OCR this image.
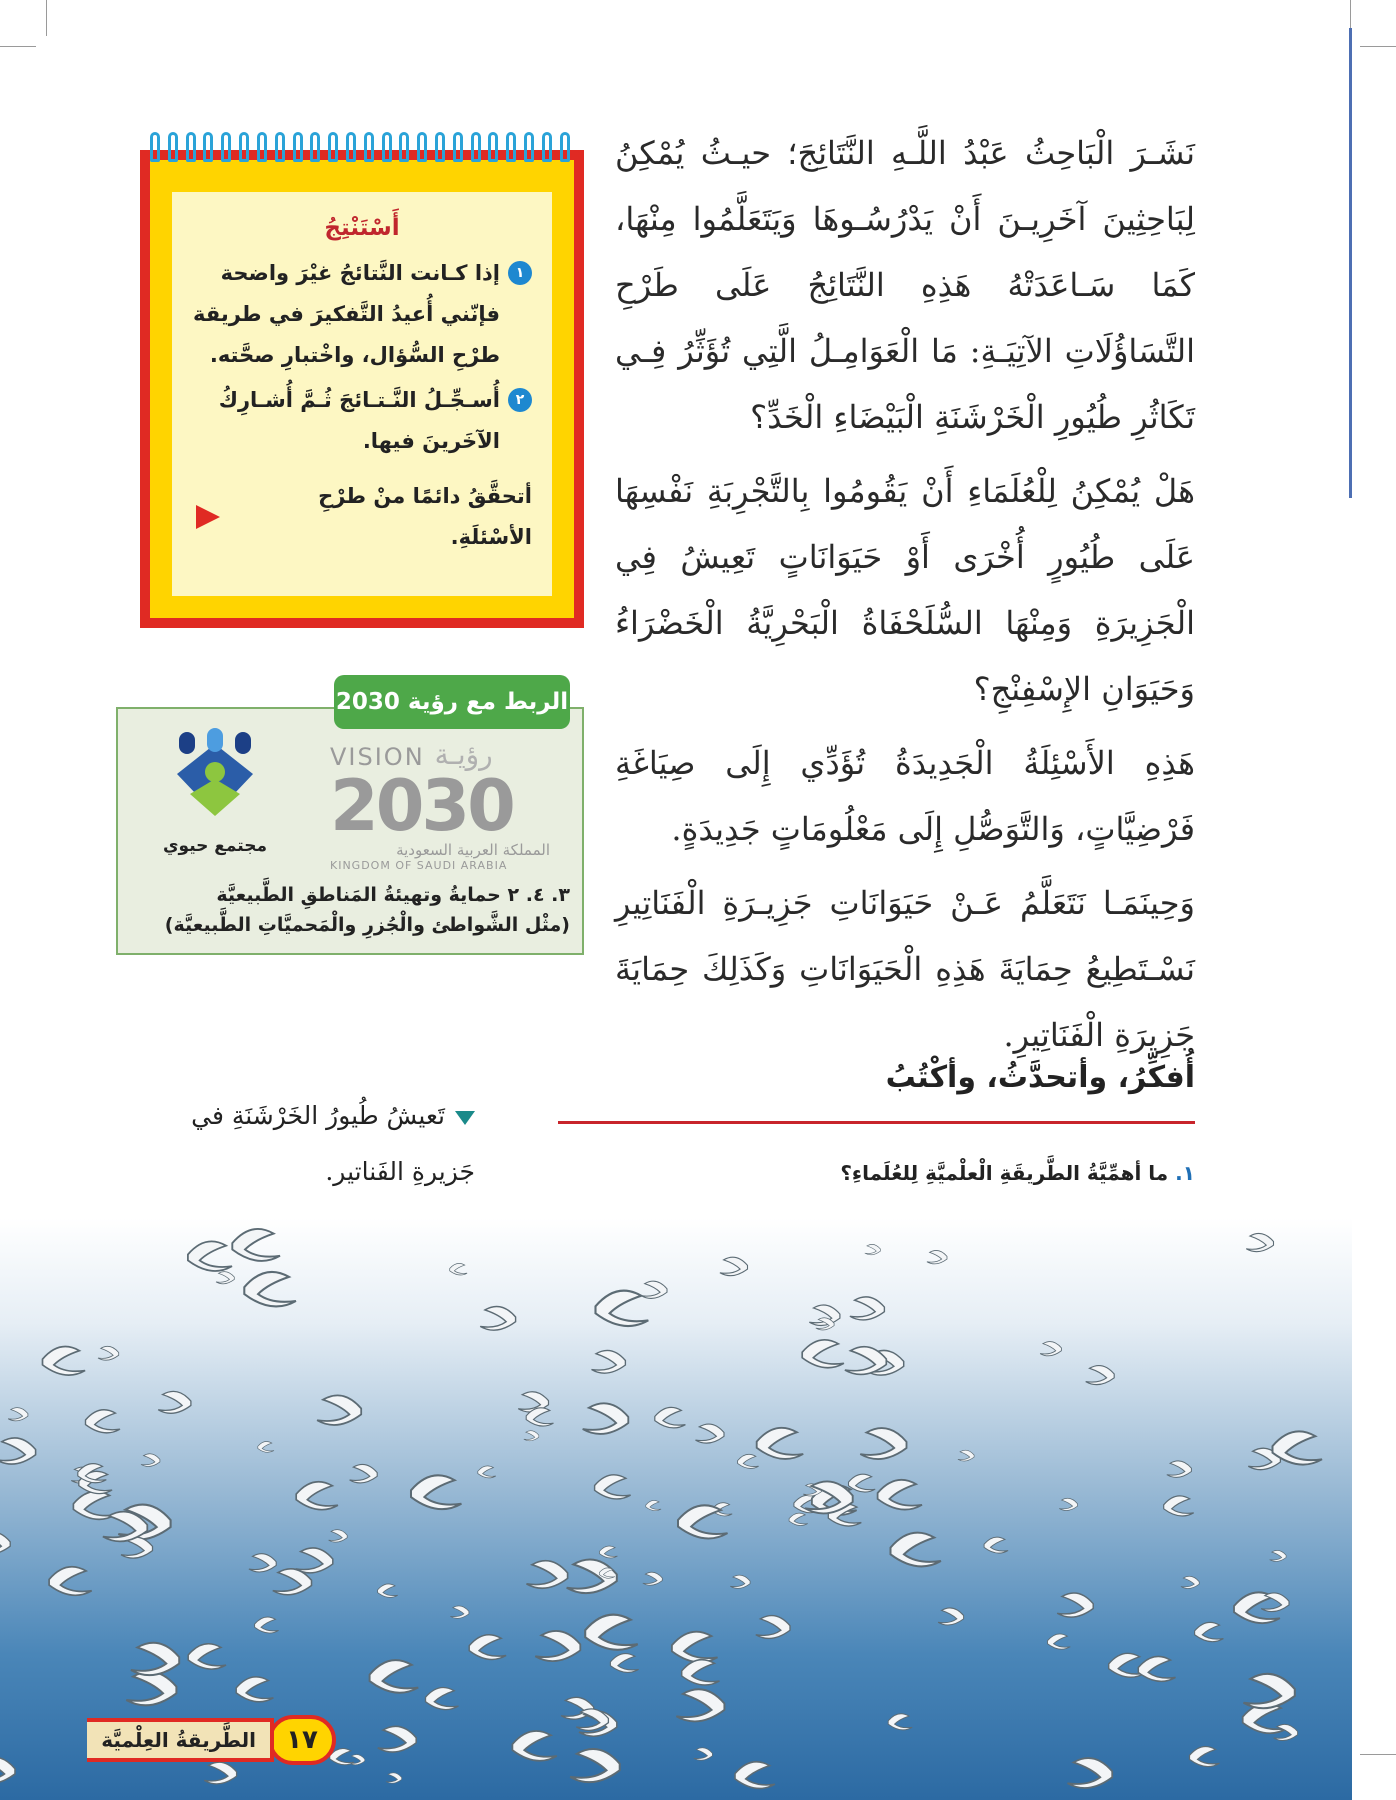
نَشَـرَ الْبَاحِثُ عَبْدُ اللَّـهِ النَّتَائِجَ؛ حيـثُ يُمْكِنُ لِبَاحِثِينَ آخَرِيـنَ أَنْ يَدْرُسُـوهَا وَيَتَعَلَّمُوا مِنْهَا، كَمَا سَـاعَدَتْهُ هَذِهِ النَّتَائِجُ عَلَى طَرْحِ التَّسَاؤُلَاتِ الآتِيَـةِ: مَا الْعَوَامِـلُ الَّتِي تُؤَثِّرُ فِـي تَكَاثُرِ طُيُورِ الْخَرْشَنَةِ الْبَيْضَاءِ الْخَدِّ؟

هَلْ يُمْكِنُ لِلْعُلَمَاءِ أَنْ يَقُومُوا بِالتَّجْرِبَةِ نَفْسِهَا عَلَى طُيُورٍ أُخْرَى أَوْ حَيَوَانَاتٍ تَعِيشُ فِي الْجَزِيرَةِ وَمِنْهَا السُّلَحْفَاةُ الْبَحْرِيَّةُ الْخَضْرَاءُ وَحَيَوَانِ الإِسْفِنْجِ؟

هَذِهِ الأَسْئِلَةُ الْجَدِيدَةُ تُؤَدِّي إِلَى صِيَاغَةِ فَرْضِيَّاتٍ، وَالتَّوَصُّلِ إِلَى مَعْلُومَاتٍ جَدِيدَةٍ.

وَحِينَمَـا نَتَعَلَّمُ عَـنْ حَيَوَانَاتِ جَزِيـرَةِ الْفَنَاتِيرِ نَسْـتَطِيعُ حِمَايَةَ هَذِهِ الْحَيَوَانَاتِ وَكَذَلِكَ حِمَايَةَ جَزِيرَةِ الْفَنَاتِيرِ.

أَسْتَنْتِجُ
١
إذا كـانت النَّتائجُ غيْرَ واضحة فإنّني أُعيدُ التَّفكيرَ في طريقة طرْحِ السُّؤال، واخْتبارِ صحَّته.
٢
أُسـجِّـلُ النَّـتـائجَ ثُـمَّ أُشـارِكُ الآخَرينَ فيها.
أتحقَّقُ دائمًا منْ طرْحِ الأسْئلَةِ.
الربط مع رؤية 2030
VISION رؤيـة
2030
المملكة العربية السعودية
KINGDOM OF SAUDI ARABIA
مجتمع حيوي
٣. ٤. ٢ حمايةُ وتهيئةُ المَناطقِ الطَّبيعيَّة
(مثْل الشَّواطئ والْجُزرِ والْمَحميَّاتِ الطَّبيعيَّة)
أُفكِّرُ، وأتحدَّثُ، وأكْتُبُ
١. ما أهمِّيَّةُ الطَّريقَةِ الْعلْميَّةِ لِلعُلَماءِ؟
تَعيشُ طُيورُ الخَرْشَنَةِ في
جَزيرةِ الفَناتير.
١٧
الطَّريقةُ العِلْميَّة
